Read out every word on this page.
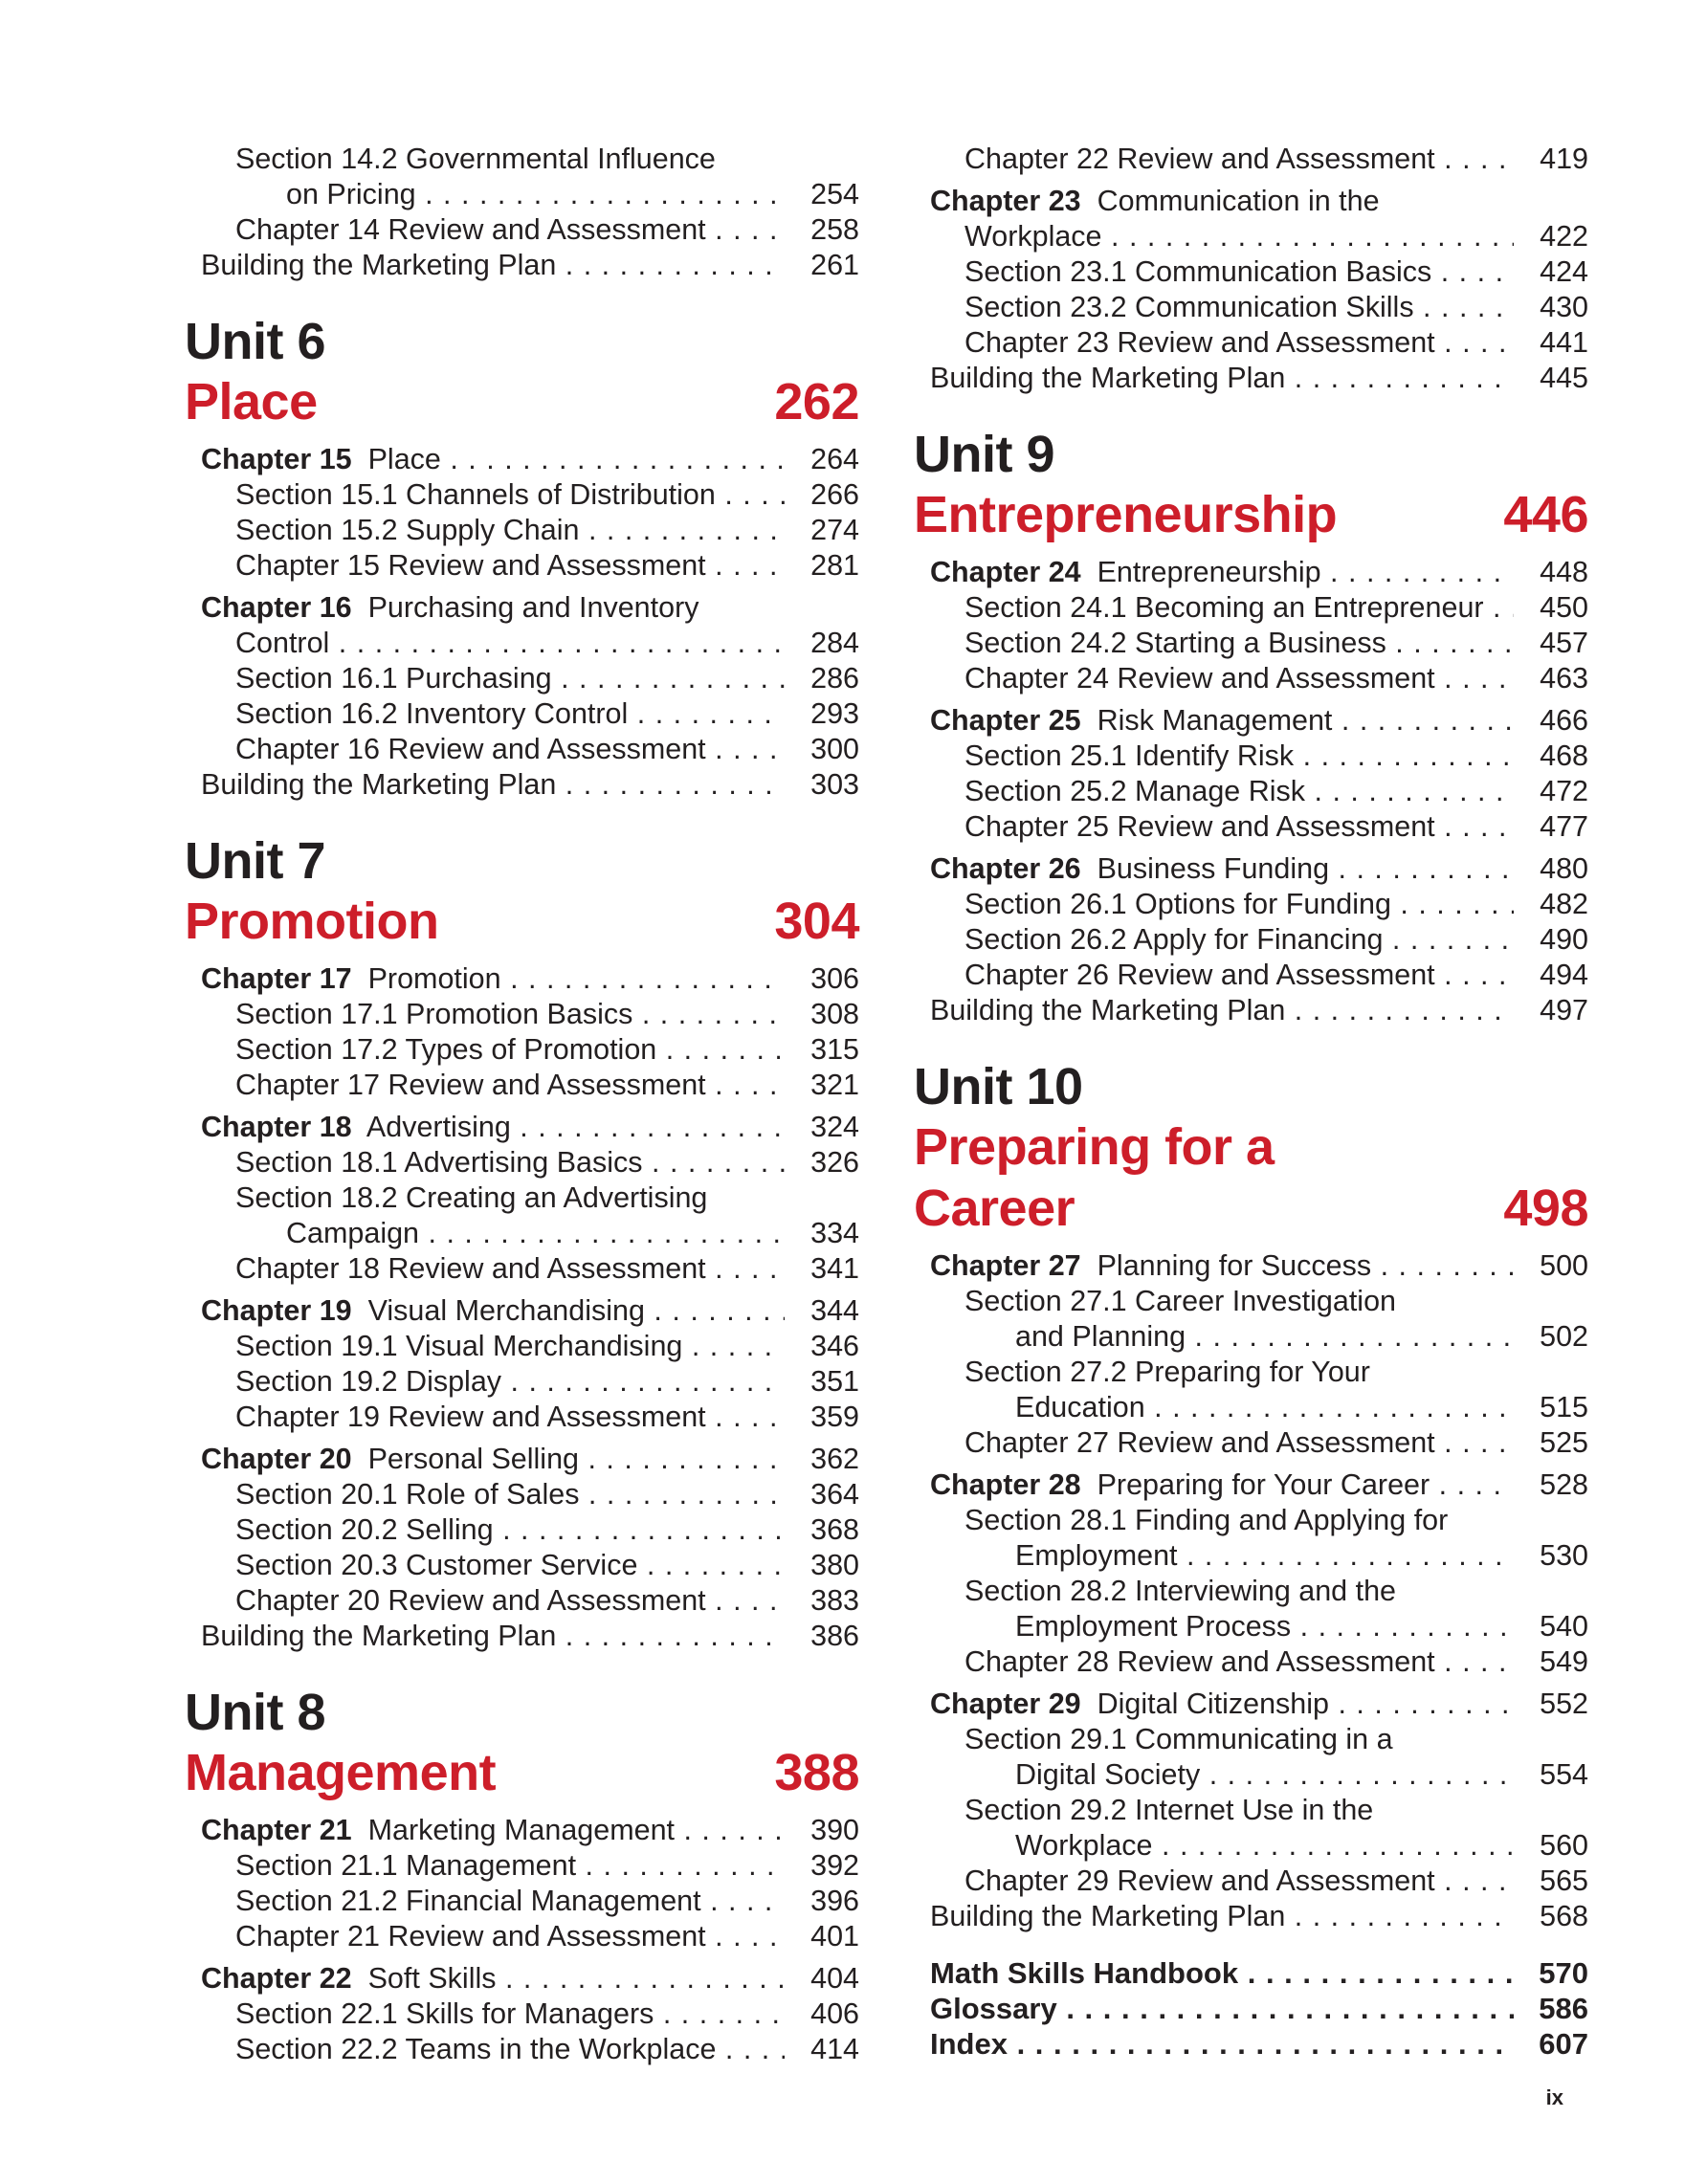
Section 14.2 Governmental Influence
on Pricing . . .	254
Chapter 14 Review and Assessment . . .	258
Building the Marketing Plan . . .	261
Unit 6
Place	262
Chapter 15 Place . . .	264
Section 15.1 Channels of Distribution . . .	266
Section 15.2 Supply Chain . . .	274
Chapter 15 Review and Assessment . . .	281
Chapter 16 Purchasing and Inventory
Control . . .	284
Section 16.1 Purchasing . . .	286
Section 16.2 Inventory Control . . .	293
Chapter 16 Review and Assessment . . .	300
Building the Marketing Plan . . .	303
Unit 7
Promotion	304
Chapter 17 Promotion . . .	306
Section 17.1 Promotion Basics . . .	308
Section 17.2 Types of Promotion . . .	315
Chapter 17 Review and Assessment . . .	321
Chapter 18 Advertising . . .	324
Section 18.1 Advertising Basics . . .	326
Section 18.2 Creating an Advertising
Campaign . . .	334
Chapter 18 Review and Assessment . . .	341
Chapter 19 Visual Merchandising . . .	344
Section 19.1 Visual Merchandising . . .	346
Section 19.2 Display . . .	351
Chapter 19 Review and Assessment . . .	359
Chapter 20 Personal Selling . . .	362
Section 20.1 Role of Sales . . .	364
Section 20.2 Selling . . .	368
Section 20.3 Customer Service . . .	380
Chapter 20 Review and Assessment . . .	383
Building the Marketing Plan . . .	386
Unit 8
Management	388
Chapter 21 Marketing Management . . .	390
Section 21.1 Management . . .	392
Section 21.2 Financial Management . . .	396
Chapter 21 Review and Assessment . . .	401
Chapter 22 Soft Skills . . .	404
Section 22.1 Skills for Managers . . .	406
Section 22.2 Teams in the Workplace . . .	414
Chapter 22 Review and Assessment . . .	419
Chapter 23 Communication in the
Workplace . . .	422
Section 23.1 Communication Basics . . .	424
Section 23.2 Communication Skills . . .	430
Chapter 23 Review and Assessment . . .	441
Building the Marketing Plan . . .	445
Unit 9
Entrepreneurship	446
Chapter 24 Entrepreneurship . . .	448
Section 24.1 Becoming an Entrepreneur . . .	450
Section 24.2 Starting a Business . . .	457
Chapter 24 Review and Assessment . . .	463
Chapter 25 Risk Management . . .	466
Section 25.1 Identify Risk . . .	468
Section 25.2 Manage Risk . . .	472
Chapter 25 Review and Assessment . . .	477
Chapter 26 Business Funding . . .	480
Section 26.1 Options for Funding . . .	482
Section 26.2 Apply for Financing . . .	490
Chapter 26 Review and Assessment . . .	494
Building the Marketing Plan . . .	497
Unit 10
Preparing for a
Career	498
Chapter 27 Planning for Success . . .	500
Section 27.1 Career Investigation
and Planning . . .	502
Section 27.2 Preparing for Your
Education . . .	515
Chapter 27 Review and Assessment . . .	525
Chapter 28 Preparing for Your Career . . .	528
Section 28.1 Finding and Applying for
Employment . . .	530
Section 28.2 Interviewing and the
Employment Process . . .	540
Chapter 28 Review and Assessment . . .	549
Chapter 29 Digital Citizenship . . .	552
Section 29.1 Communicating in a
Digital Society . . .	554
Section 29.2 Internet Use in the
Workplace . . .	560
Chapter 29 Review and Assessment . . .	565
Building the Marketing Plan . . .	568
Math Skills Handbook . . .	570
Glossary . . .	586
Index . . .	607
ix
